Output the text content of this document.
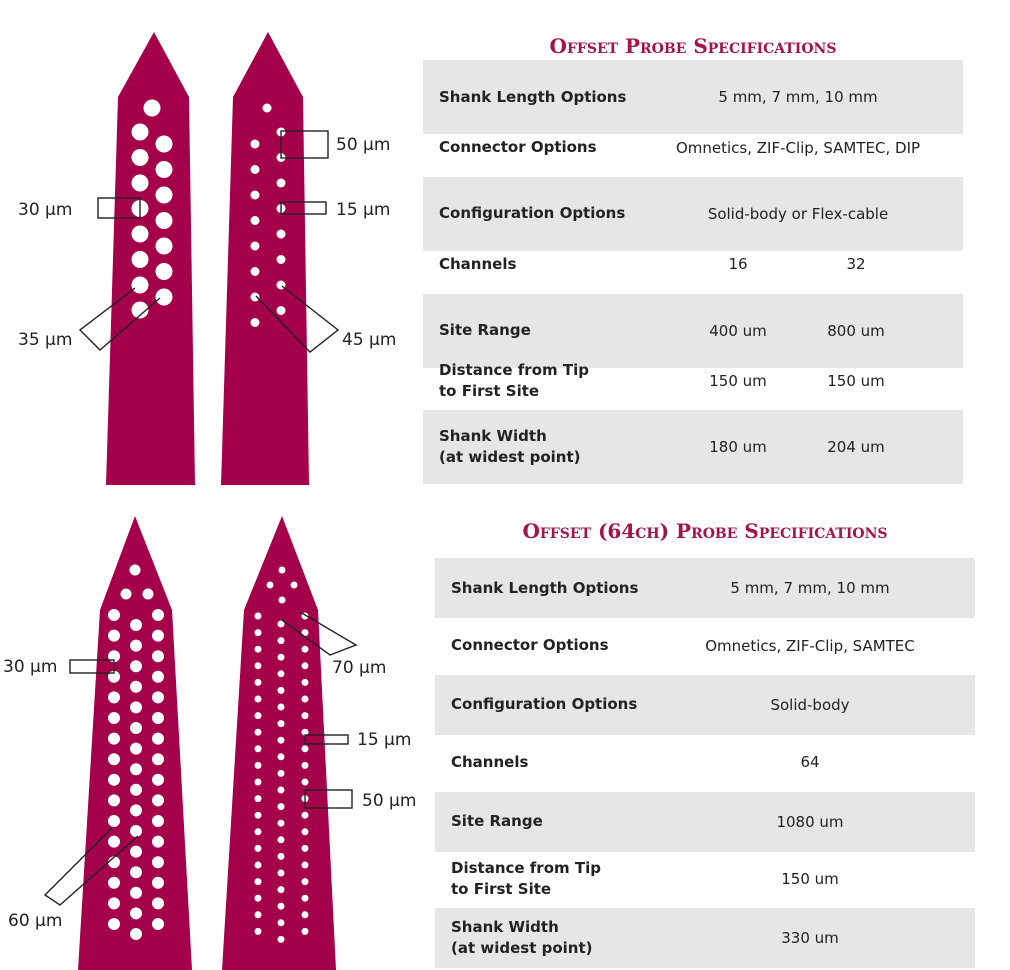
30 µm
35 µm
50 µm
15 µm
45 µm
30 µm
60 µm
70 µm
15 µm
50 µm
Offset Probe Specifications
Shank Length Options	5 mm, 7 mm, 10 mm
Connector Options	Omnetics, ZIF-Clip, SAMTEC, DIP
Configuration Options	Solid-body or Flex-cable
Channels	16	32
Site Range	400 um	800 um
Distance from Tip
to First Site
150 um	150 um
Shank Width
(at widest point)
180 um	204 um
Offset (64ch) Probe Specifications
Shank Length Options	5 mm, 7 mm, 10 mm
Connector Options	Omnetics, ZIF-Clip, SAMTEC
Configuration Options	Solid-body
Channels	64
Site Range	1080 um
Distance from Tip
to First Site
150 um
Shank Width
(at widest point)
330 um
